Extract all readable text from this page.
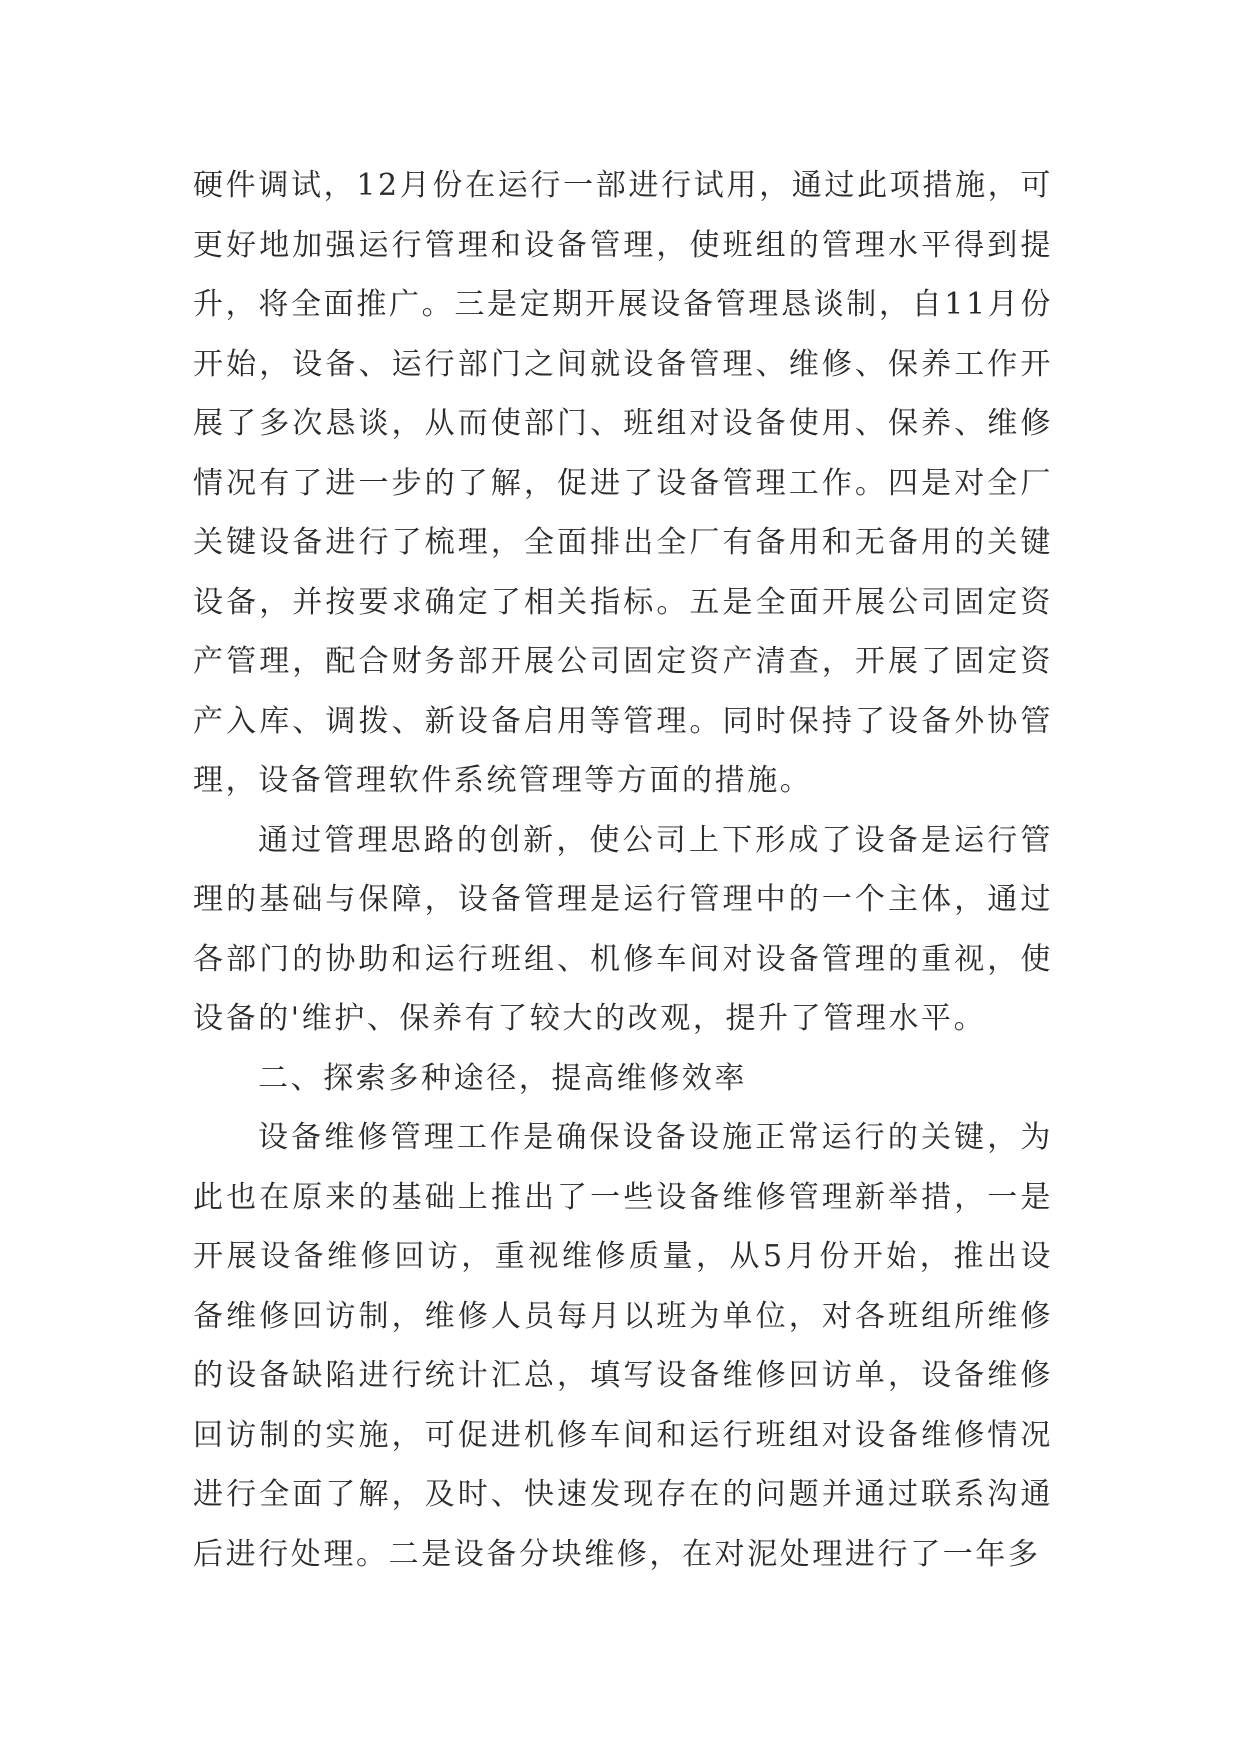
硬件调试，12月份在运行一部进行试用，通过此项措施，可更好地加强运行管理和设备管理，使班组的管理水平得到提升，将全面推广。三是定期开展设备管理恳谈制，自11月份开始，设备、运行部门之间就设备管理、维修、保养工作开展了多次恳谈，从而使部门、班组对设备使用、保养、维修情况有了进一步的了解，促进了设备管理工作。四是对全厂关键设备进行了梳理，全面排出全厂有备用和无备用的关键设备，并按要求确定了相关指标。五是全面开展公司固定资产管理，配合财务部开展公司固定资产清查，开展了固定资产入库、调拨、新设备启用等管理。同时保持了设备外协管理，设备管理软件系统管理等方面的措施。

通过管理思路的创新，使公司上下形成了设备是运行管理的基础与保障，设备管理是运行管理中的一个主体，通过各部门的协助和运行班组、机修车间对设备管理的重视，使设备的'维护、保养有了较大的改观，提升了管理水平。

二、探索多种途径，提高维修效率

设备维修管理工作是确保设备设施正常运行的关键，为此也在原来的基础上推出了一些设备维修管理新举措，一是开展设备维修回访，重视维修质量，从5月份开始，推出设备维修回访制，维修人员每月以班为单位，对各班组所维修的设备缺陷进行统计汇总，填写设备维修回访单，设备维修回访制的实施，可促进机修车间和运行班组对设备维修情况进行全面了解，及时、快速发现存在的问题并通过联系沟通后进行处理。二是设备分块维修，在对泥处理进行了一年多
